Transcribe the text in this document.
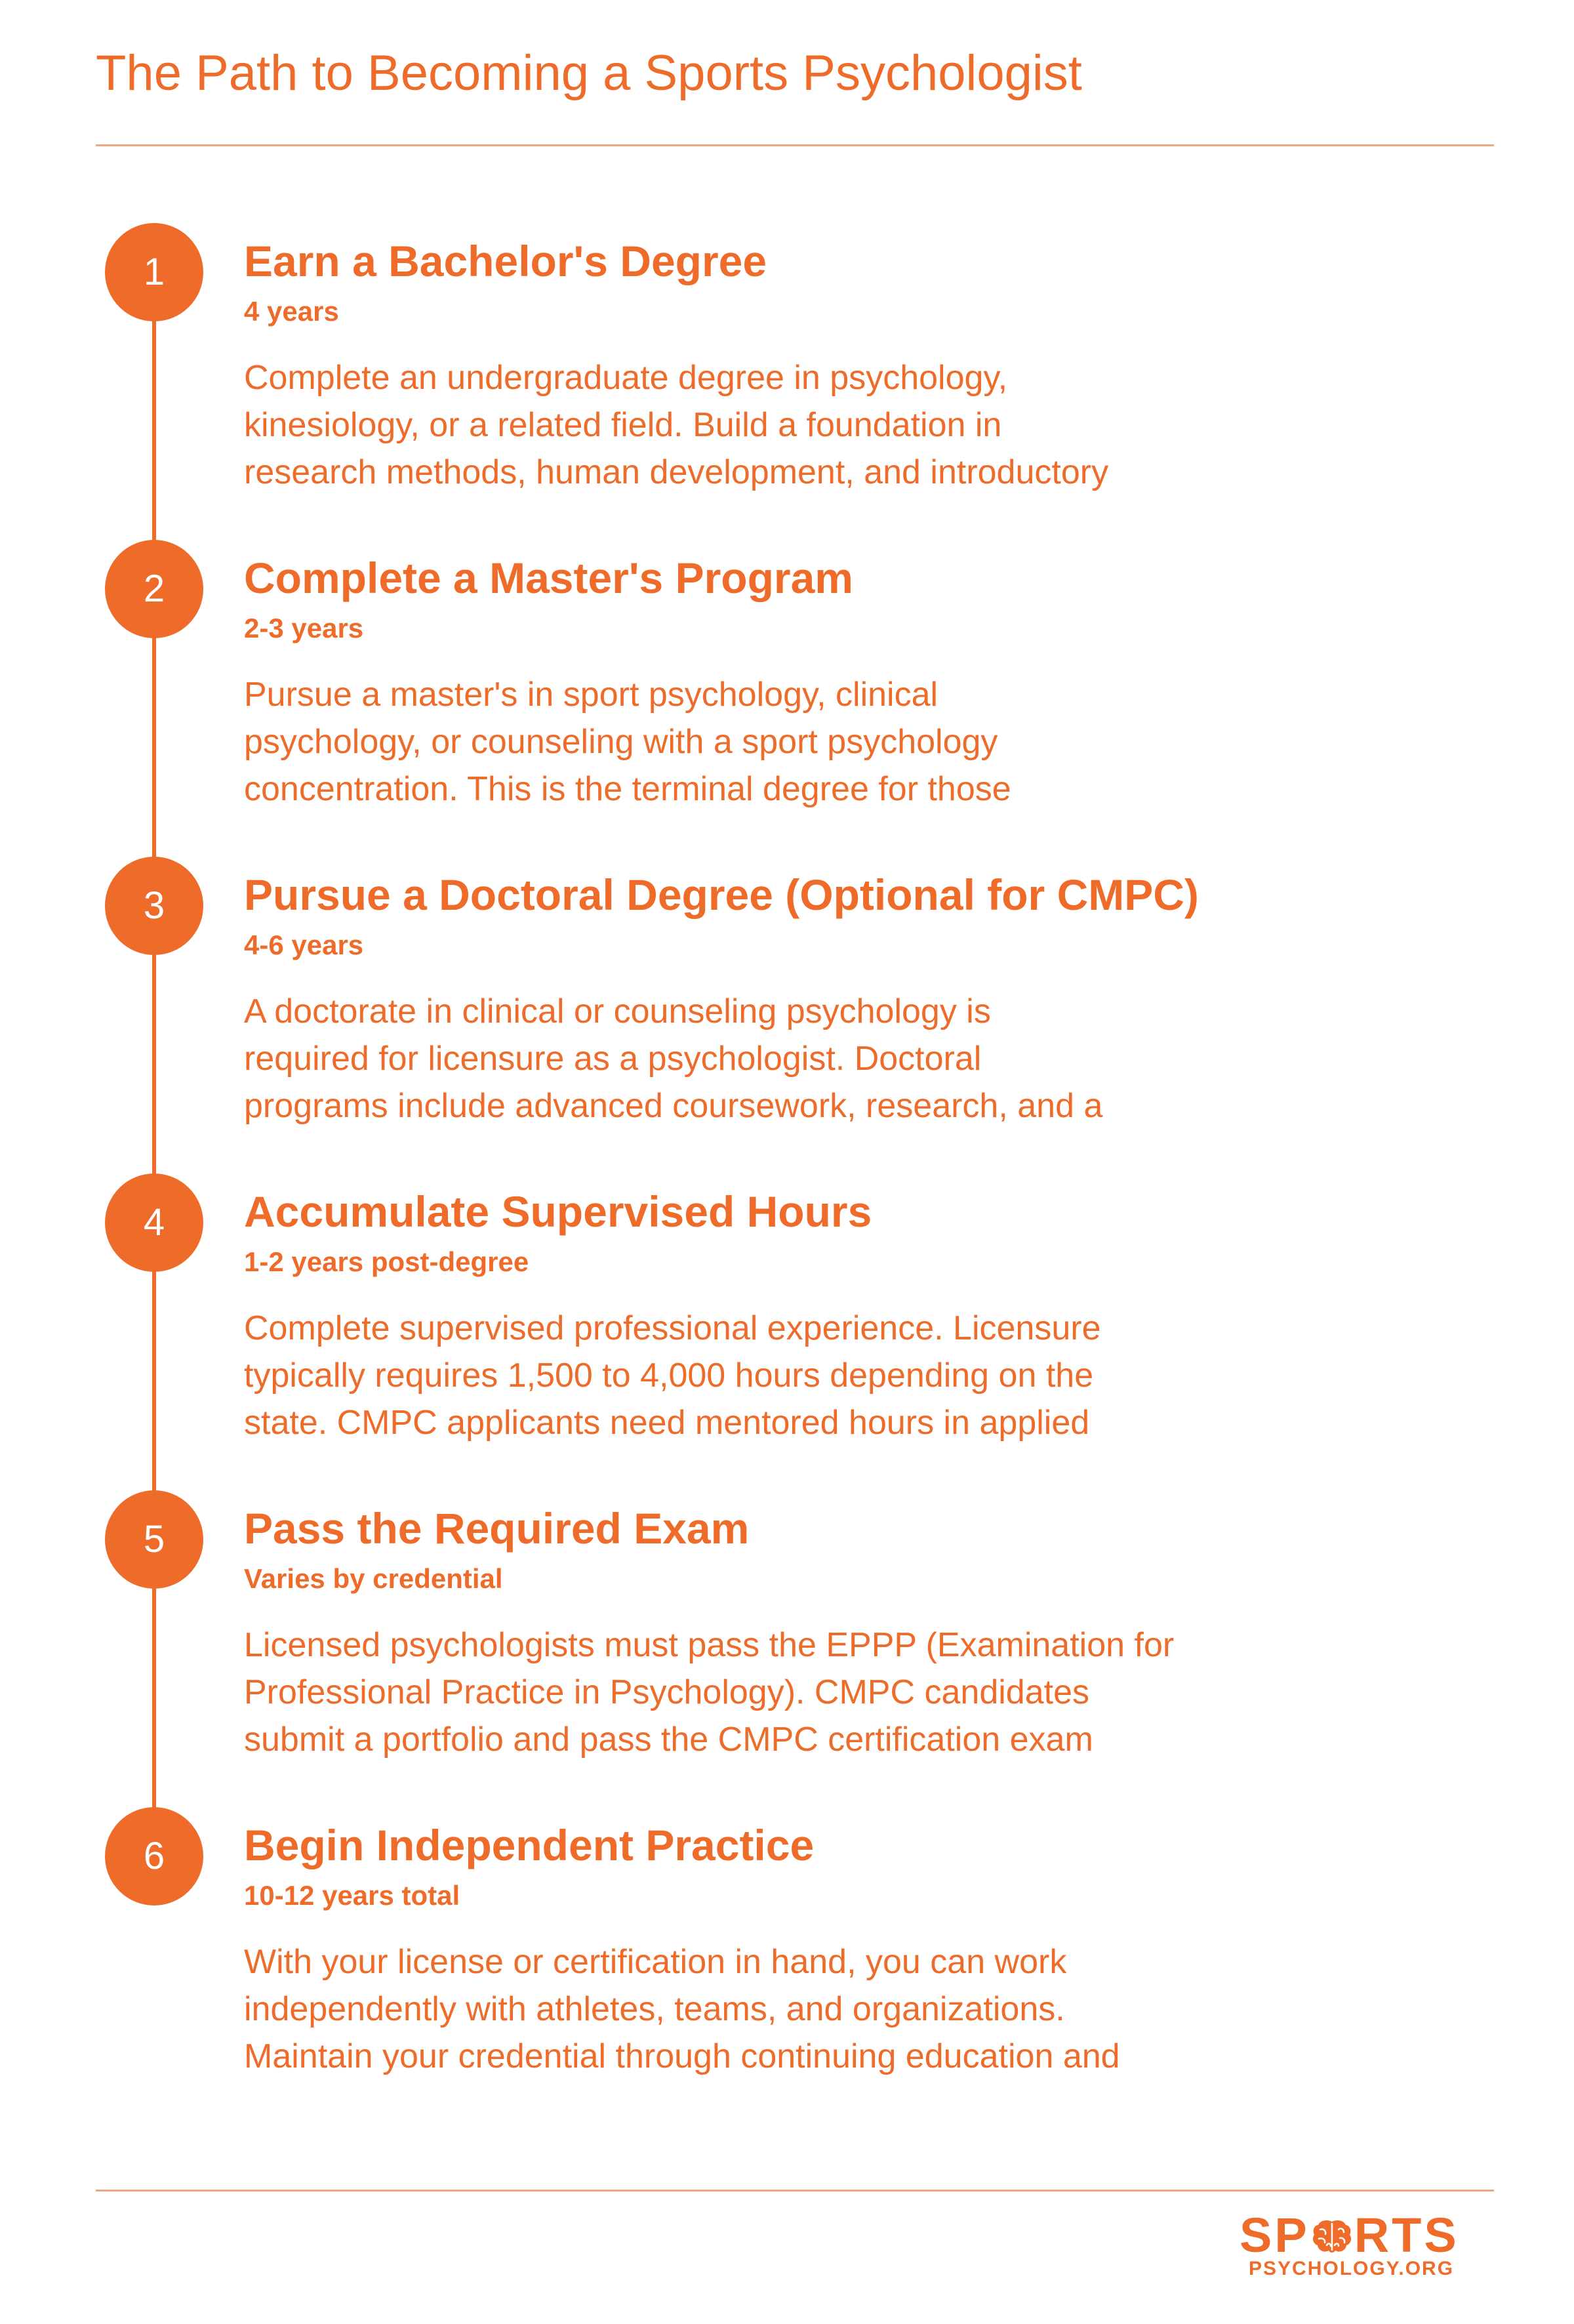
The Path to Becoming a Sports Psychologist
1	Earn a Bachelor's Degree
4 years

Complete an undergraduate degree in psychology,
kinesiology, or a related field. Build a foundation in
research methods, human development, and introductory

2	Complete a Master's Program
2-3 years

Pursue a master's in sport psychology, clinical
psychology, or counseling with a sport psychology
concentration. This is the terminal degree for those

3	Pursue a Doctoral Degree (Optional for CMPC)
4-6 years

A doctorate in clinical or counseling psychology is
required for licensure as a psychologist. Doctoral
programs include advanced coursework, research, and a

4	Accumulate Supervised Hours
1-2 years post-degree

Complete supervised professional experience. Licensure
typically requires 1,500 to 4,000 hours depending on the
state. CMPC applicants need mentored hours in applied

5	Pass the Required Exam
Varies by credential

Licensed psychologists must pass the EPPP (Examination for
Professional Practice in Psychology). CMPC candidates
submit a portfolio and pass the CMPC certification exam

6	Begin Independent Practice
10-12 years total

With your license or certification in hand, you can work
independently with athletes, teams, and organizations.
Maintain your credential through continuing education and

SP RTS
PSYCHOLOGY.ORG
